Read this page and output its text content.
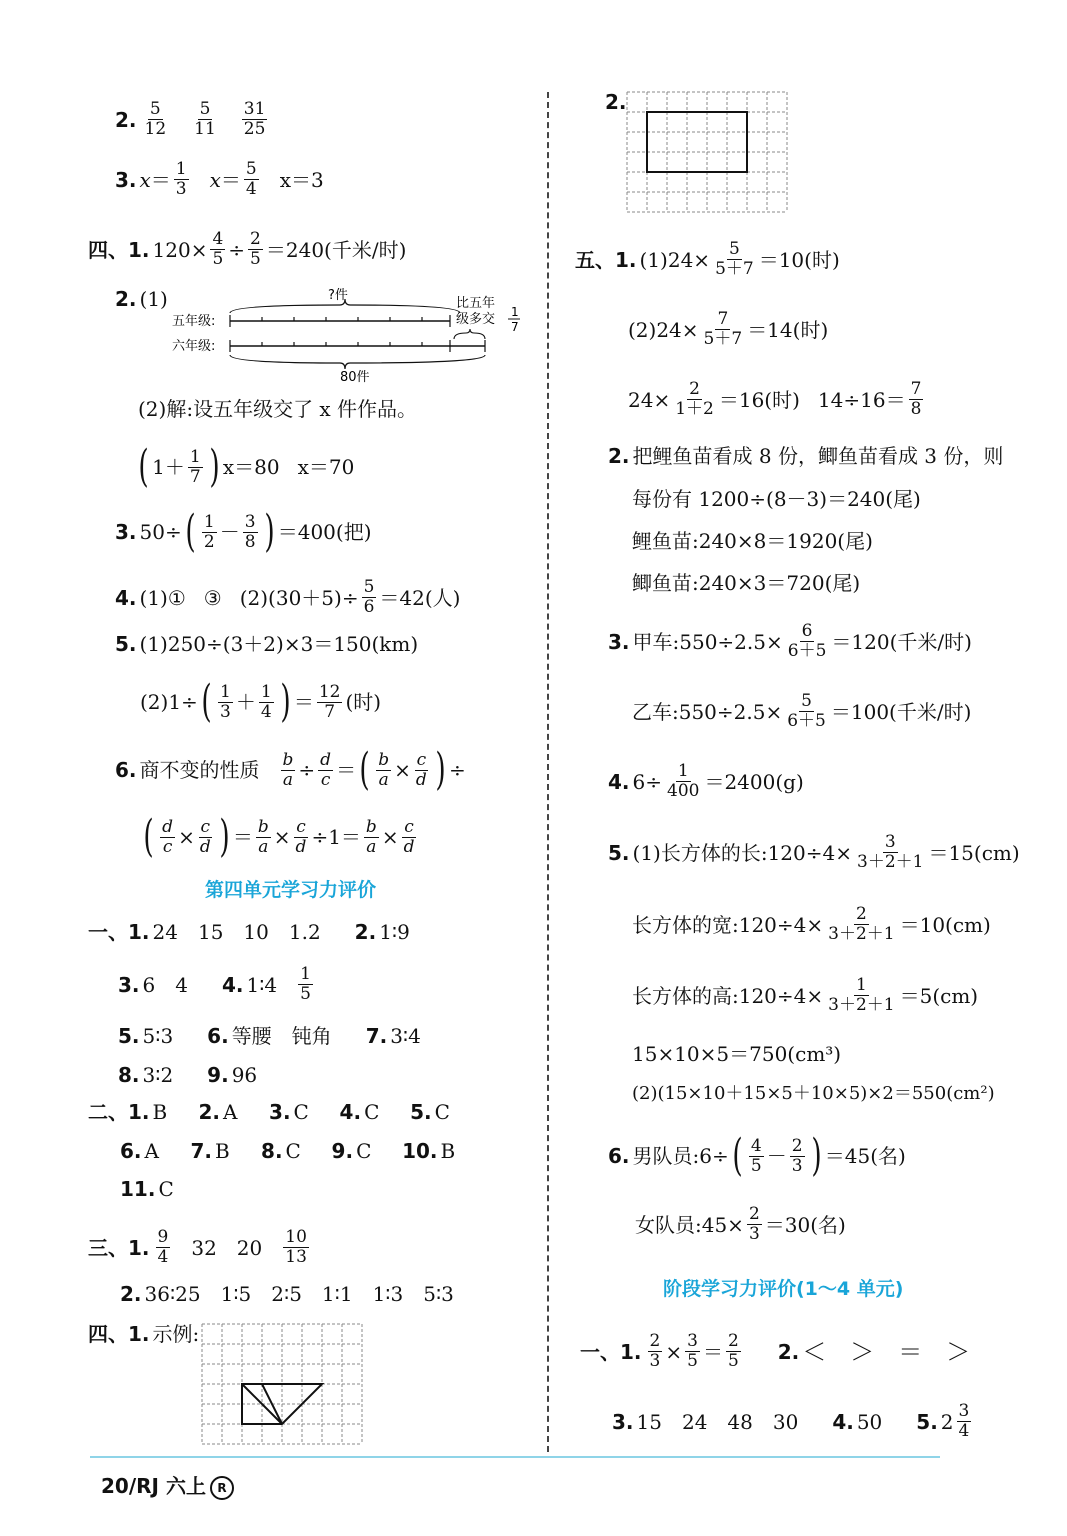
2. $\frac{5}{12} \frac{5}{11} \frac{31}{25}$
3. $x = \frac{1}{3}$ $x = \frac{5}{4} x=3$
四、1. $120\times \frac{4}{5} \div \frac{2}{5} =240$(千米/时)
2. (1)	?件
五年级:
六年级:
比五年
级多交 1
7
80件
(2)解:设五年级交了 x 件作品。
( $1+ \frac{1}{7}$ ) x＝80 x＝70
3. 50÷ ( $\frac{1}{2} - \frac{3}{8}$ ) ＝400(把)
4. (1)① ③ $(2)(30+5)\div \frac{5}{6} =42$(人)
5. (1)250÷(3＋2)×3＝150(km)
(2)1÷ ( $\frac{1}{3} + \frac{1}{4}$ ) ＝ $\frac{12}{7}$ (时)
6. 商不变的性质 $\frac{b}{a} \div \frac{d}{c}$ ＝ ( $\frac{b}{a} \times \frac{c}{d}$ ) ÷
( $\frac{d}{c} \times \frac{c}{d}$ ) ＝ $\frac{b}{a} \times \frac{c}{d} \div 1= \frac{b}{a} \times \frac{c}{d}$
第四单元学习力评价
一、1. 24　15　10　1.2 2. 1∶9
3. 6　4 4. 1∶4 $\frac{1}{5}$
5. 5∶3 6. 等腰　钝角 7. 3∶4
8. 3∶2 9. 96
二、1. B	2. A	3. C	4. C	5. C
6. A	7. B	8. C	9. C	10. B
11. C
三、1. $\frac{9}{4} 32$　$20 \frac{10}{13}$
2. 36∶25　1∶5　2∶5　1∶1　1∶3　5∶3
四、1. 示例:
2.
五、1. $(1)24\times \frac{5}{5+7} =10$(时)
$(2)24\times \frac{7}{5+7} =14$(时)
$24\times \frac{2}{1+2} =16$(时) $14\div 16= \frac{7}{8}$
2. 把鲤鱼苗看成 8 份，鲫鱼苗看成 3 份，则
每份有 1200÷(8－3)＝240(尾)
鲤鱼苗:240×8＝1920(尾)
鲫鱼苗:240×3＝720(尾)
3. 甲车:550÷2.5× $\frac{6}{6+5} =120$(千米/时)
乙车:550÷2.5× $\frac{5}{6+5} =100$(千米/时)
4. $6\div \frac{1}{400} =2400(g)$
5. (1)长方体的长:120÷4× $\frac{3}{3+2+1} =15(cm)$
长方体的宽:120÷4× $\frac{2}{3+2+1} =10(cm)$
长方体的高:120÷4× $\frac{1}{3+2+1} =5(cm)$
15×10×5＝750(cm³)
(2)(15×10＋15×5＋10×5)×2＝550(cm²)
6. 男队员:6÷ ( $\frac{4}{5} - \frac{2}{3}$ ) ＝45(名)
女队员:45× $\frac{2}{3} =30$(名)
阶段学习力评价(1～4 单元)
一、1. $\frac{2}{3} \times \frac{3}{5} = \frac{2}{5} 2$. ＜　＞　＝　＞
3. 15　24　48　30 4. 50 5. $2 \frac{3}{4}$
20/RJ 六上 R
